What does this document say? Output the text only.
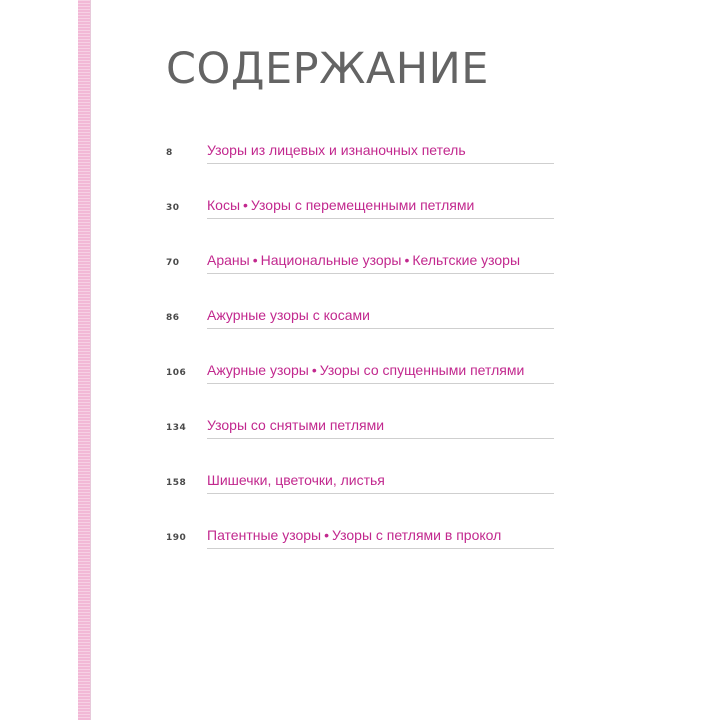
СОДЕРЖАНИЕ
8	Узоры из лицевых и изнаночных петель
30	Косы • Узоры с перемещенными петлями
70	Араны • Национальные узоры • Кельтские узоры
86	Ажурные узоры с косами
106	Ажурные узоры • Узоры со спущенными петлями
134	Узоры со снятыми петлями
158	Шишечки, цветочки, листья
190	Патентные узоры • Узоры с петлями в прокол
